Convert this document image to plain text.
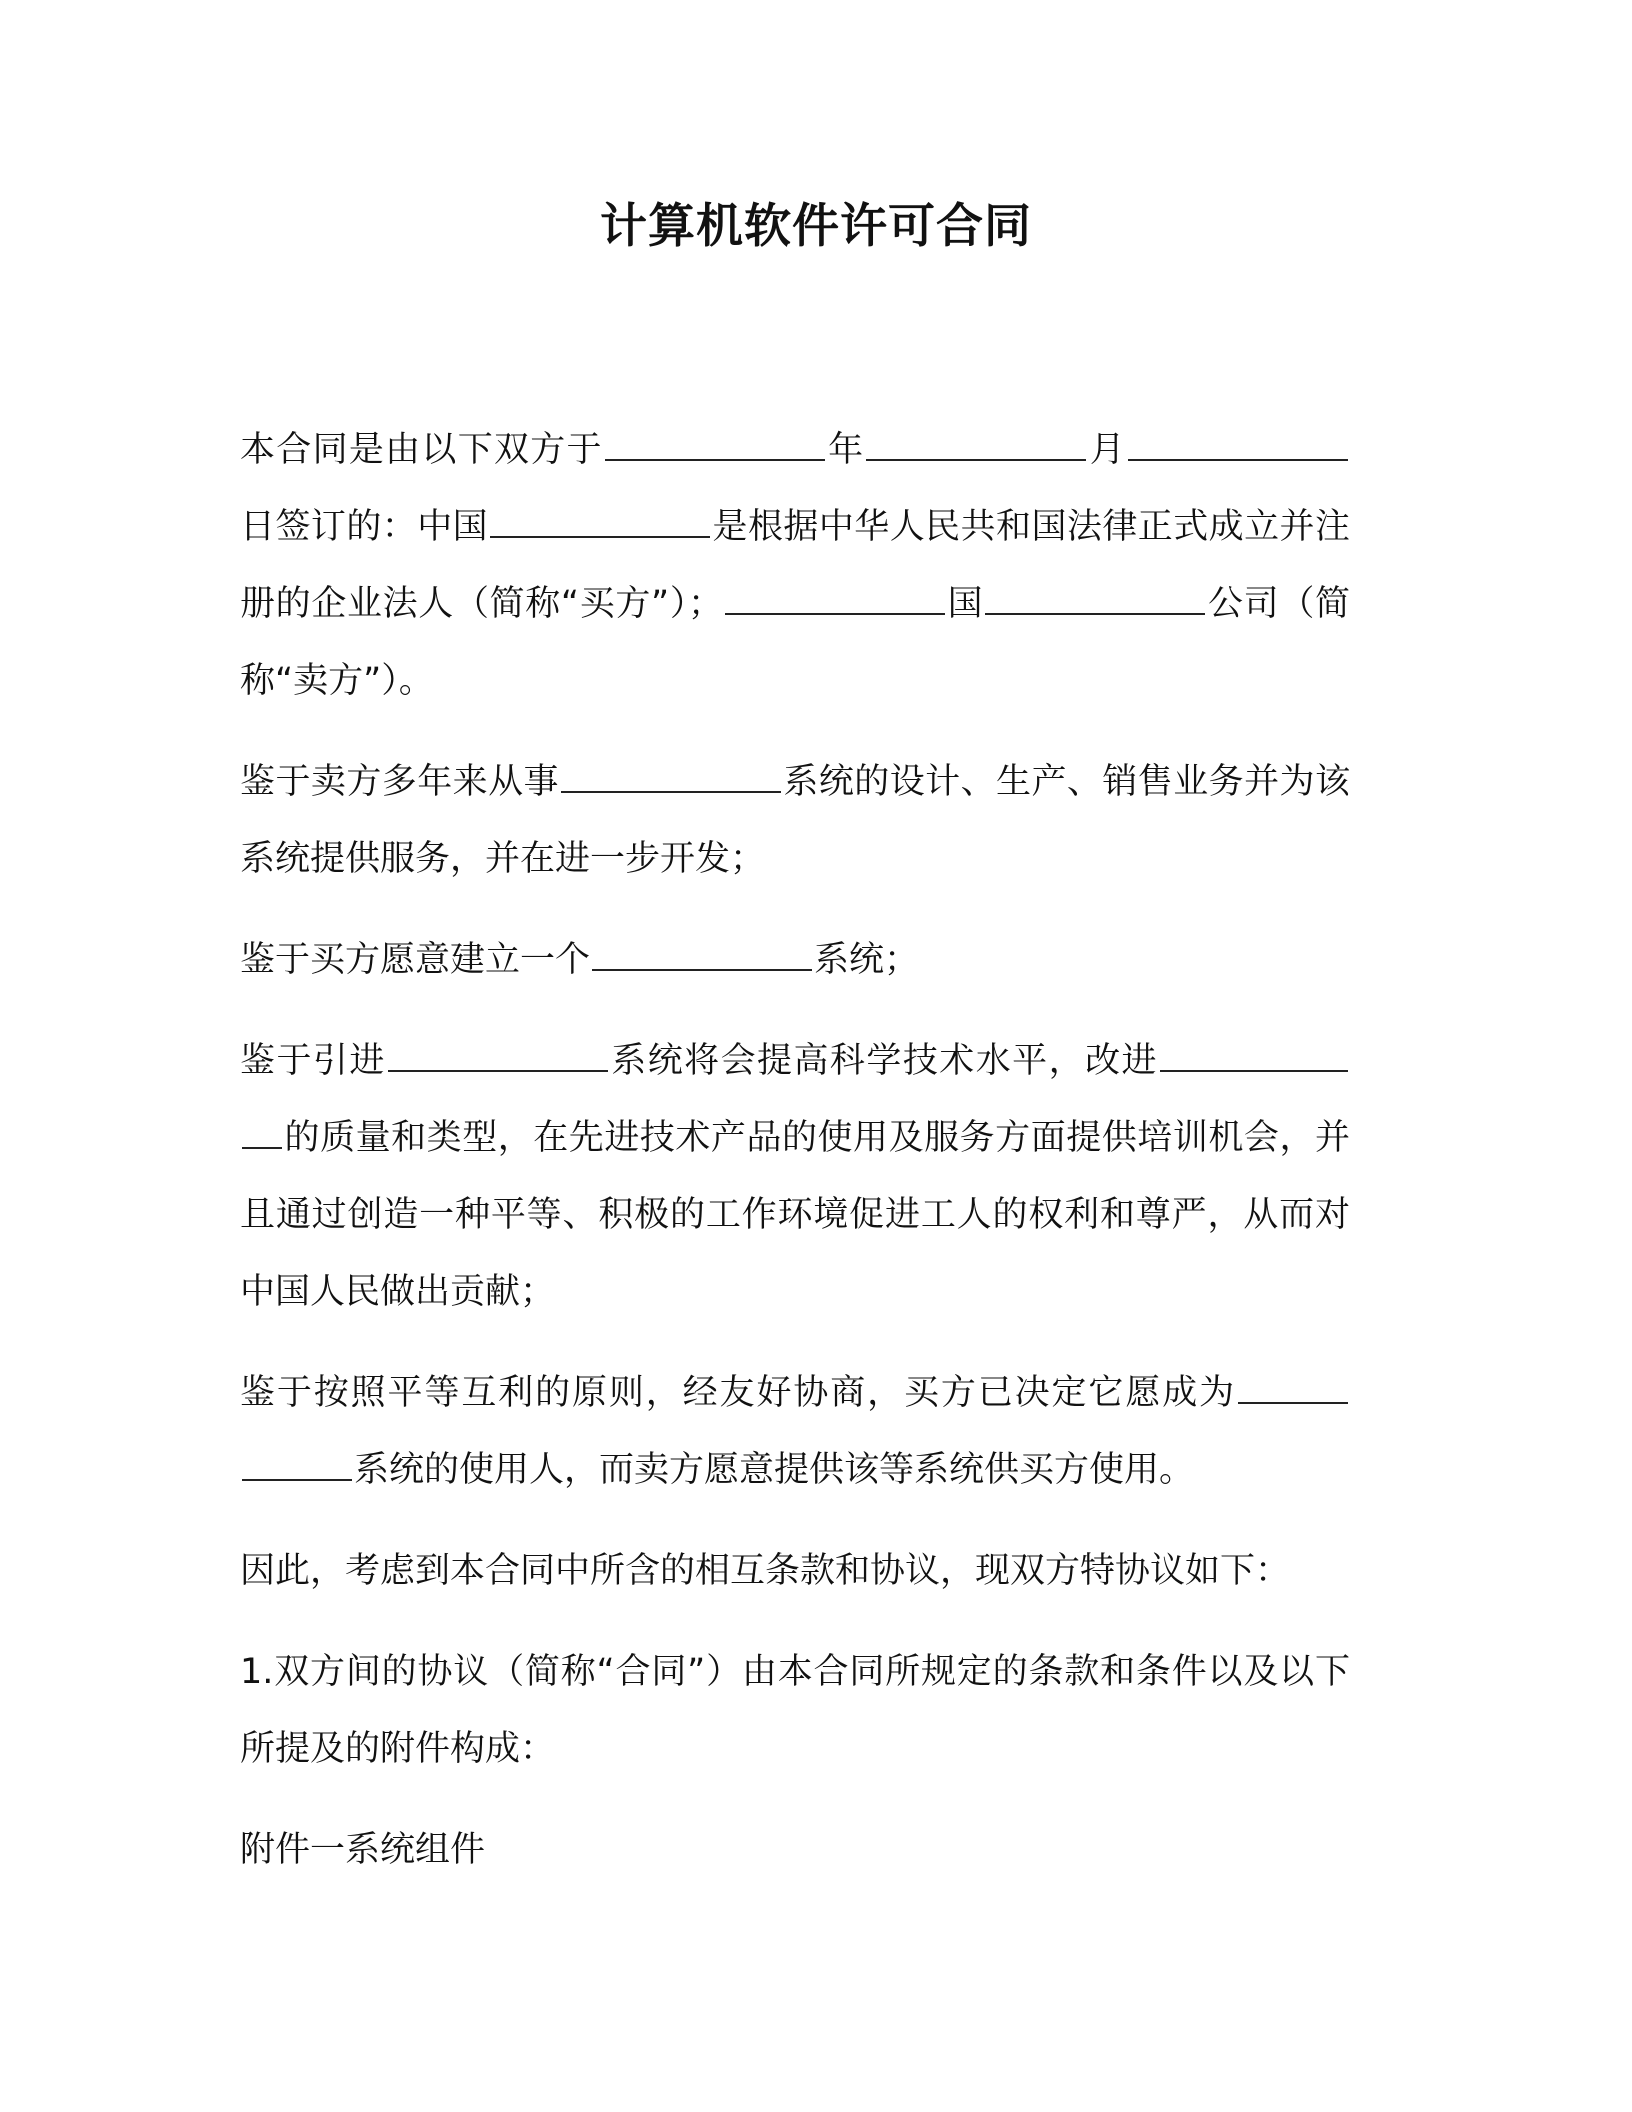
计算机软件许可合同

本合同是由以下双方于	年	月日签订的：中国	是根据中华人民共和国法律正式成立并注册的企业法人（简称“买方”）；	国	公司（简称“卖方”）。

鉴于卖方多年来从事	系统的设计、生产、销售业务并为该系统提供服务，并在进一步开发；

鉴于买方愿意建立一个	系统；

鉴于引进	系统将会提高科学技术水平，改进的质量和类型，在先进技术产品的使用及服务方面提供培训机会，并且通过创造一种平等、积极的工作环境促进工人的权利和尊严，从而对中国人民做出贡献；

鉴于按照平等互利的原则，经友好协商，买方已决定它愿成为系统的使用人，而卖方愿意提供该等系统供买方使用。

因此，考虑到本合同中所含的相互条款和协议，现双方特协议如下：

1.双方间的协议（简称“合同”）由本合同所规定的条款和条件以及以下所提及的附件构成：

附件一系统组件
